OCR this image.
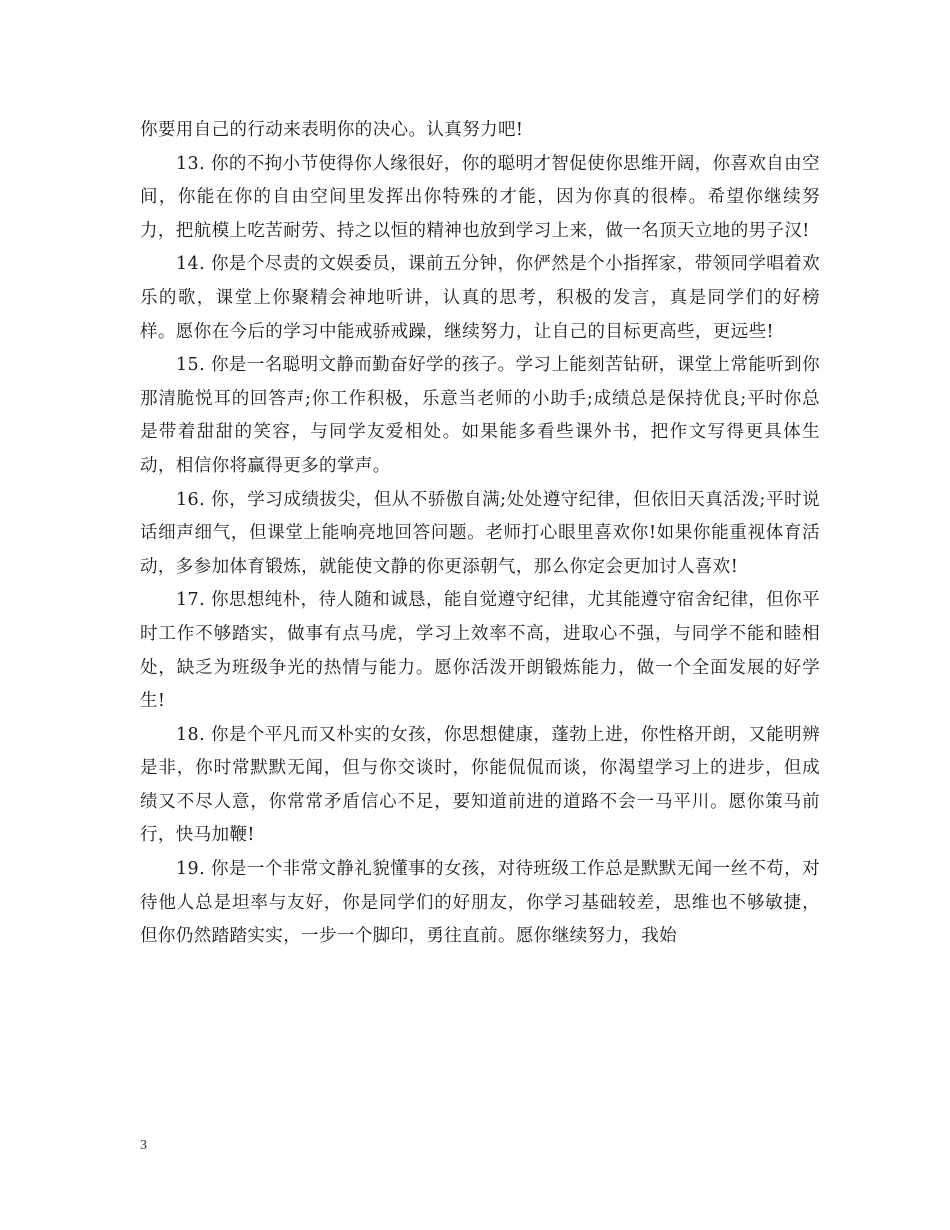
你要用自己的行动来表明你的决心。认真努力吧!

13. 你的不拘小节使得你人缘很好，你的聪明才智促使你思维开阔，你喜欢自由空间，你能在你的自由空间里发挥出你特殊的才能，因为你真的很棒。希望你继续努力，把航模上吃苦耐劳、持之以恒的精神也放到学习上来，做一名顶天立地的男子汉!

14. 你是个尽责的文娱委员，课前五分钟，你俨然是个小指挥家，带领同学唱着欢乐的歌，课堂上你聚精会神地听讲，认真的思考，积极的发言，真是同学们的好榜样。愿你在今后的学习中能戒骄戒躁，继续努力，让自己的目标更高些，更远些!

15. 你是一名聪明文静而勤奋好学的孩子。学习上能刻苦钻研，课堂上常能听到你那清脆悦耳的回答声;你工作积极，乐意当老师的小助手;成绩总是保持优良;平时你总是带着甜甜的笑容，与同学友爱相处。如果能多看些课外书，把作文写得更具体生动，相信你将赢得更多的掌声。

16. 你，学习成绩拔尖，但从不骄傲自满;处处遵守纪律，但依旧天真活泼;平时说话细声细气，但课堂上能响亮地回答问题。老师打心眼里喜欢你!如果你能重视体育活动，多参加体育锻炼，就能使文静的你更添朝气，那么你定会更加讨人喜欢!

17. 你思想纯朴，待人随和诚恳，能自觉遵守纪律，尤其能遵守宿舍纪律，但你平时工作不够踏实，做事有点马虎，学习上效率不高，进取心不强，与同学不能和睦相处，缺乏为班级争光的热情与能力。愿你活泼开朗锻炼能力，做一个全面发展的好学生!

18. 你是个平凡而又朴实的女孩，你思想健康，蓬勃上进，你性格开朗，又能明辨是非，你时常默默无闻，但与你交谈时，你能侃侃而谈，你渴望学习上的进步，但成绩又不尽人意，你常常矛盾信心不足，要知道前进的道路不会一马平川。愿你策马前行，快马加鞭!

19. 你是一个非常文静礼貌懂事的女孩，对待班级工作总是默默无闻一丝不苟，对待他人总是坦率与友好，你是同学们的好朋友，你学习基础较差，思维也不够敏捷，但你仍然踏踏实实，一步一个脚印，勇往直前。愿你继续努力，我始

3
